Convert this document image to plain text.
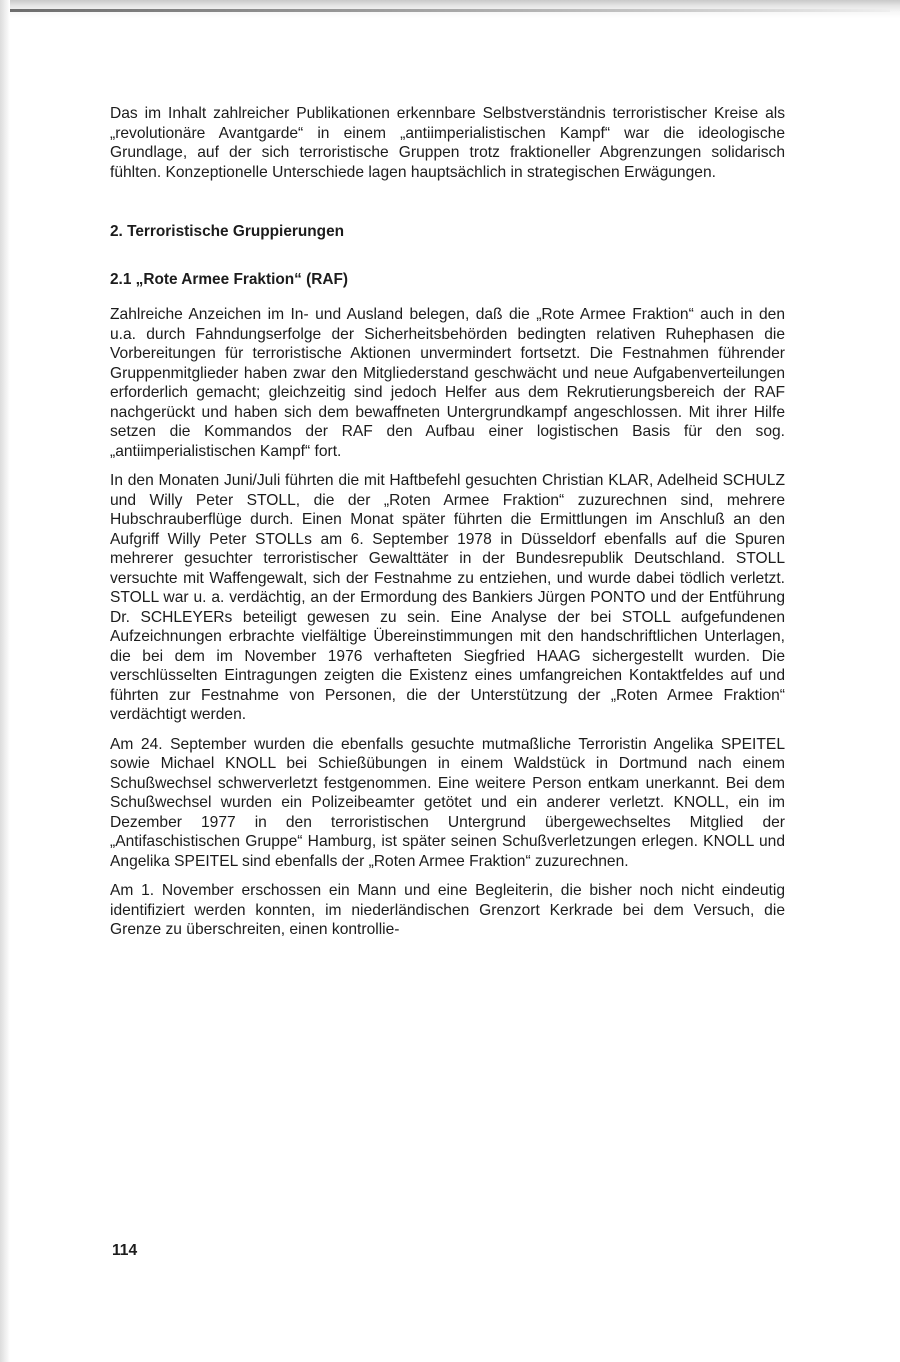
Das im Inhalt zahlreicher Publikationen erkennbare Selbstverständnis terroristischer Kreise als „revolutionäre Avantgarde“ in einem „antiimperialistischen Kampf“ war die ideologische Grundlage, auf der sich terroristische Gruppen trotz fraktioneller Abgrenzungen solidarisch fühlten. Konzeptionelle Unterschiede lagen hauptsächlich in strategischen Erwägungen.

2. Terroristische Gruppierungen
2.1 „Rote Armee Fraktion“ (RAF)

Zahlreiche Anzeichen im In- und Ausland belegen, daß die „Rote Armee Fraktion“ auch in den u.a. durch Fahndungserfolge der Sicherheitsbehörden bedingten relativen Ruhephasen die Vorbereitungen für terroristische Aktionen unvermindert fortsetzt. Die Festnahmen führender Gruppenmitglieder haben zwar den Mitgliederstand geschwächt und neue Aufgabenverteilungen erforderlich gemacht; gleichzeitig sind jedoch Helfer aus dem Rekrutierungsbereich der RAF nachgerückt und haben sich dem bewaffneten Untergrundkampf angeschlossen. Mit ihrer Hilfe setzen die Kommandos der RAF den Aufbau einer logistischen Basis für den sog. „antiimperialistischen Kampf“ fort.

In den Monaten Juni/Juli führten die mit Haftbefehl gesuchten Christian KLAR, Adelheid SCHULZ und Willy Peter STOLL, die der „Roten Armee Fraktion“ zuzurechnen sind, mehrere Hubschrauberflüge durch. Einen Monat später führten die Ermittlungen im Anschluß an den Aufgriff Willy Peter STOLLs am 6. September 1978 in Düsseldorf ebenfalls auf die Spuren mehrerer gesuchter terroristischer Gewalttäter in der Bundesrepublik Deutschland. STOLL versuchte mit Waffengewalt, sich der Festnahme zu entziehen, und wurde dabei tödlich verletzt. STOLL war u. a. verdächtig, an der Ermordung des Bankiers Jürgen PONTO und der Entführung Dr. SCHLEYERs beteiligt gewesen zu sein. Eine Analyse der bei STOLL aufgefundenen Aufzeichnungen erbrachte vielfältige Übereinstimmungen mit den handschriftlichen Unterlagen, die bei dem im November 1976 verhafteten Siegfried HAAG sichergestellt wurden. Die verschlüsselten Eintragungen zeigten die Existenz eines umfangreichen Kontaktfeldes auf und führten zur Festnahme von Personen, die der Unterstützung der „Roten Armee Fraktion“ verdächtigt werden.

Am 24. September wurden die ebenfalls gesuchte mutmaßliche Terroristin Angelika SPEITEL sowie Michael KNOLL bei Schießübungen in einem Waldstück in Dortmund nach einem Schußwechsel schwerverletzt festgenommen. Eine weitere Person entkam unerkannt. Bei dem Schußwechsel wurden ein Polizeibeamter getötet und ein anderer verletzt. KNOLL, ein im Dezember 1977 in den terroristischen Untergrund übergewechseltes Mitglied der „Antifaschistischen Gruppe“ Hamburg, ist später seinen Schußverletzungen erlegen. KNOLL und Angelika SPEITEL sind ebenfalls der „Roten Armee Fraktion“ zuzurechnen.

Am 1. November erschossen ein Mann und eine Begleiterin, die bisher noch nicht eindeutig identifiziert werden konnten, im niederländischen Grenzort Kerkrade bei dem Versuch, die Grenze zu überschreiten, einen kontrollie-

114
